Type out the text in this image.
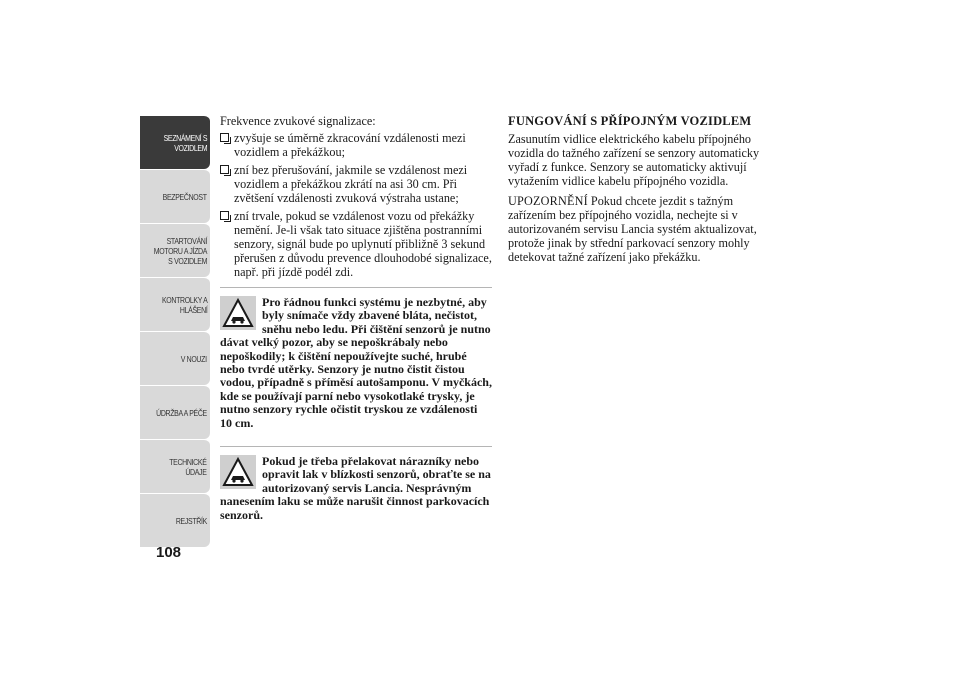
SEZNÁMENÍ S
VOZIDLEM
BEZPEČNOST
STARTOVÁNÍ
MOTORU A JÍZDA
S VOZIDLEM
KONTROLKY A
HLÁŠENÍ
V NOUZI
ÚDRŽBA A PÉČE
TECHNICKÉ
ÚDAJE
REJSTŘÍK
108

Frekvence zvukové signalizace:

zvyšuje se úměrně zkracování vzdálenosti mezi vozidlem a překážkou;
zní bez přerušování, jakmile se vzdálenost mezi vozidlem a překážkou zkrátí na asi 30 cm. Při zvětšení vzdálenosti zvuková výstraha ustane;
zní trvale, pokud se vzdálenost vozu od překážky nemění. Je-li však tato situace zjištěna postranními senzory, signál bude po uplynutí přibližně 3 sekund přerušen z důvodu prevence dlouhodobé signalizace, např. při jízdě podél zdi.
Pro řádnou funkci systému je nezbytné, aby byly snímače vždy zbavené bláta, nečistot, sněhu nebo ledu. Při čištění senzorů je nutno dávat velký pozor, aby se nepoškrábaly nebo nepoškodily; k čištění nepoužívejte suché, hrubé nebo tvrdé utěrky. Senzory je nutno čistit čistou vodou, případně s příměsí autošamponu. V myčkách, kde se používají parní nebo vysokotlaké trysky, je nutno senzory rychle očistit tryskou ze vzdálenosti 10 cm.
Pokud je třeba přelakovat nárazníky nebo opravit lak v blízkosti senzorů, obraťte se na autorizovaný servis Lancia. Nesprávným nanesením laku se může narušit činnost parkovacích senzorů.
FUNGOVÁNÍ S PŘÍPOJNÝM VOZIDLEM

Zasunutím vidlice elektrického kabelu přípojného vozidla do tažného zařízení se senzory automaticky vyřadí z funkce. Senzory se automaticky aktivují vytažením vidlice kabelu přípojného vozidla.

UPOZORNĚNÍ Pokud chcete jezdit s tažným zařízením bez přípojného vozidla, nechejte si v autorizovaném servisu Lancia systém aktualizovat, protože jinak by střední parkovací senzory mohly detekovat tažné zařízení jako překážku.
